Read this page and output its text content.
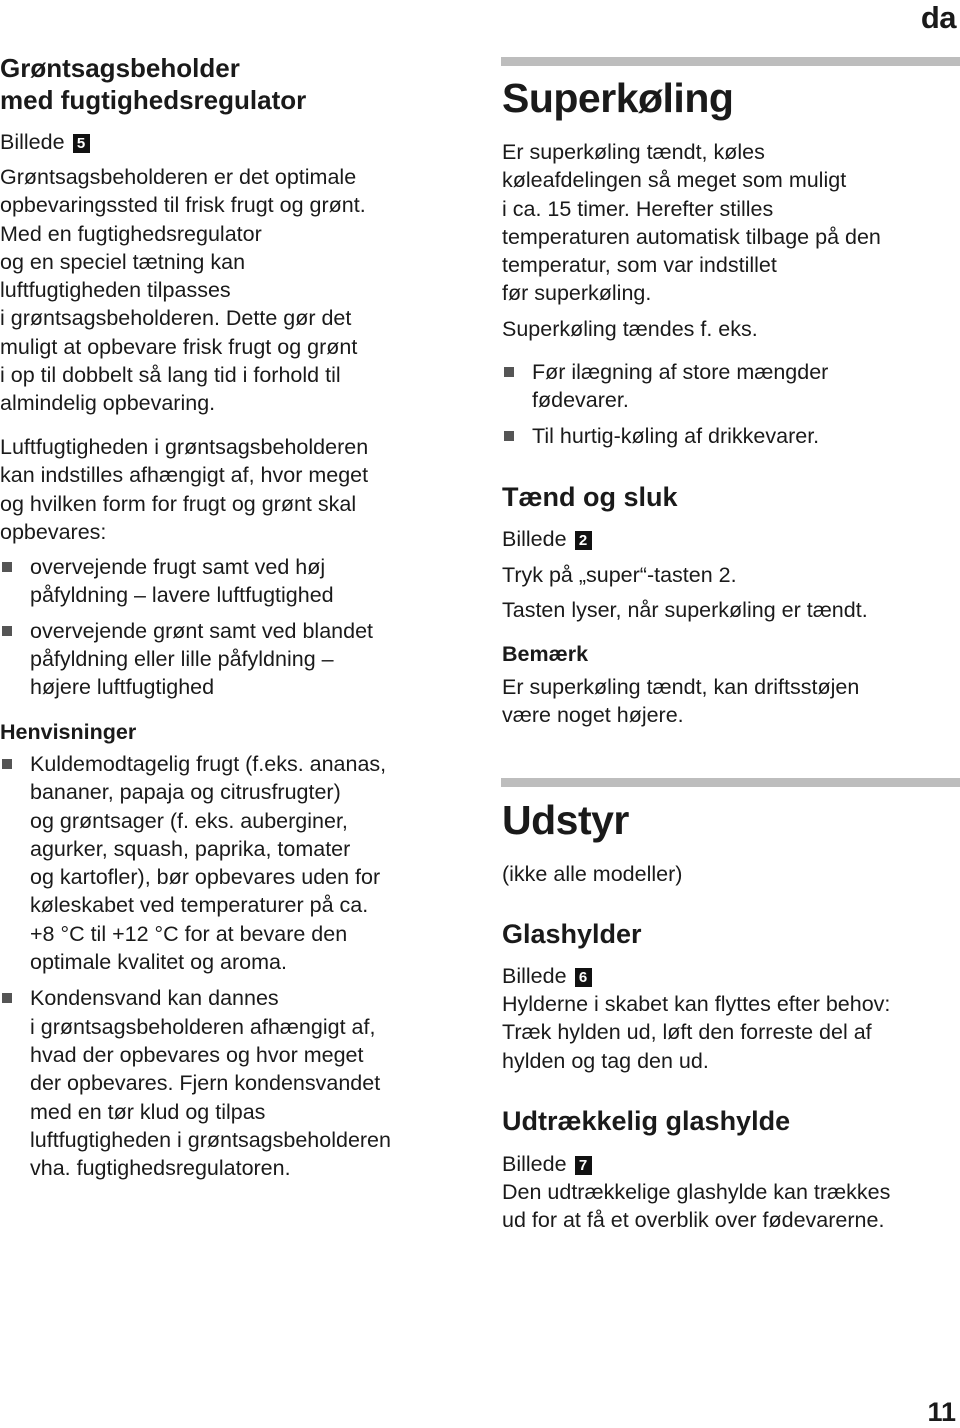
da

Grøntsagsbeholder
med fugtighedsregulator

Billede 5

Grøntsagsbeholderen er det optimale

opbevaringssted til frisk frugt og grønt.

Med en fugtighedsregulator

og en speciel tætning kan

luftfugtigheden tilpasses

i grøntsagsbeholderen. Dette gør det

muligt at opbevare frisk frugt og grønt

i op til dobbelt så lang tid i forhold til

almindelig opbevaring.

Luftfugtigheden i grøntsagsbeholderen

kan indstilles afhængigt af, hvor meget

og hvilken form for frugt og grønt skal

opbevares:

overvejende frugt samt ved høj
påfyldning – lavere luftfugtighed
overvejende grønt samt ved blandet
påfyldning eller lille påfyldning –
højere luftfugtighed

Henvisninger

Kuldemodtagelig frugt (f.eks. ananas,
bananer, papaja og citrusfrugter)
og grøntsager (f. eks. auberginer,
agurker, squash, paprika, tomater
og kartofler), bør opbevares uden for
køleskabet ved temperaturer på ca.
+8 °C til +12 °C for at bevare den
optimale kvalitet og aroma.
Kondensvand kan dannes
i grøntsagsbeholderen afhængigt af,
hvad der opbevares og hvor meget
der opbevares. Fjern kondensvandet
med en tør klud og tilpas
luftfugtigheden i grøntsagsbeholderen
vha. fugtighedsregulatoren.

Superkøling

Er superkøling tændt, køles

køleafdelingen så meget som muligt

i ca. 15 timer. Herefter stilles

temperaturen automatisk tilbage på den

temperatur, som var indstillet

før superkøling.

Superkøling tændes f. eks.

Før ilægning af store mængder
fødevarer.
Til hurtig-køling af drikkevarer.

Tænd og sluk

Billede 2

Tryk på „super“-tasten 2.

Tasten lyser, når superkøling er tændt.

Bemærk

Er superkøling tændt, kan driftsstøjen

være noget højere.

Udstyr

(ikke alle modeller)

Glashylder

Billede 6

Hylderne i skabet kan flyttes efter behov:

Træk hylden ud, løft den forreste del af

hylden og tag den ud.

Udtrækkelig glashylde

Billede 7

Den udtrækkelige glashylde kan trækkes

ud for at få et overblik over fødevarerne.

11
